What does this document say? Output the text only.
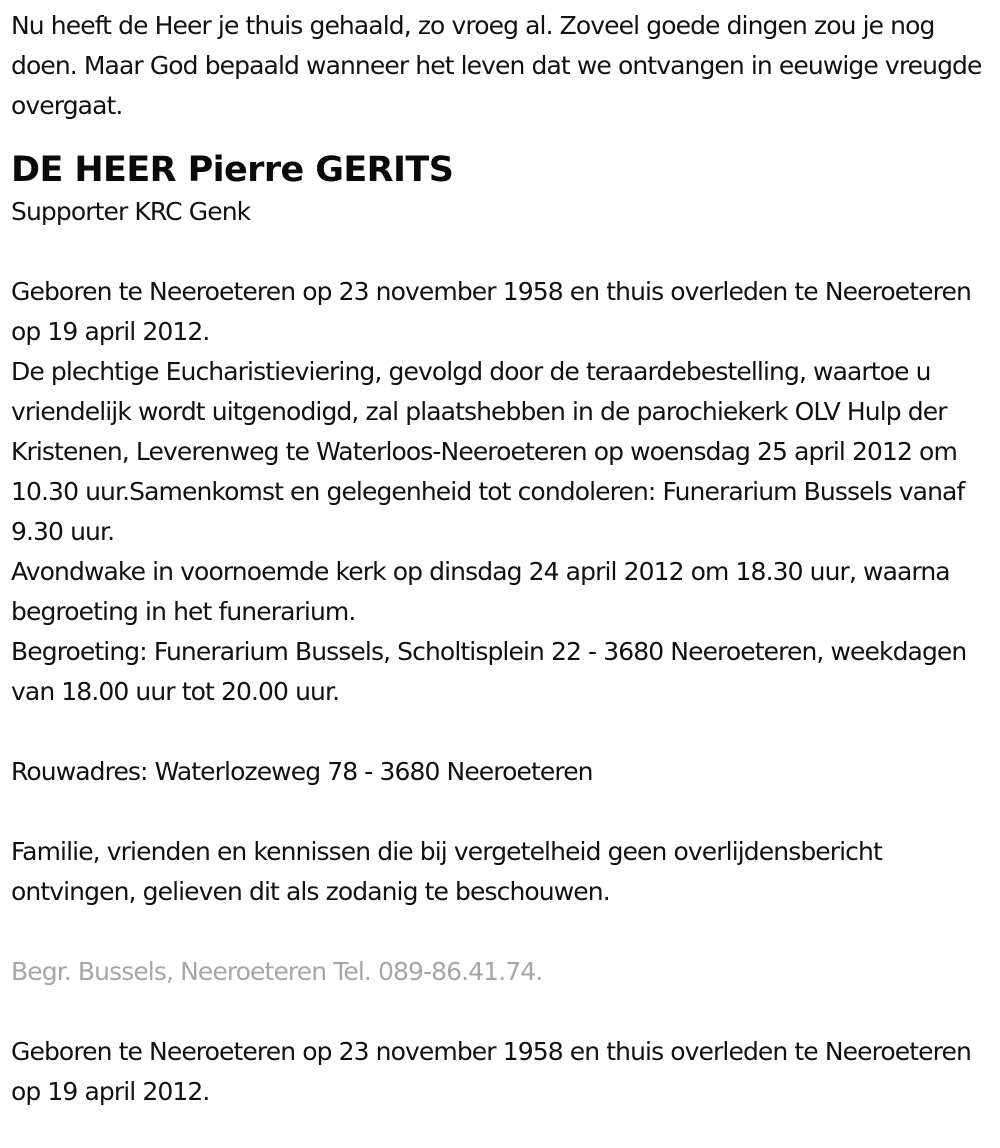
Nu heeft de Heer je thuis gehaald, zo vroeg al. Zoveel goede dingen zou je nog doen. Maar God bepaald wanneer het leven dat we ontvangen in eeuwige vreugde overgaat.

DE HEER Pierre GERITS

Supporter KRC Genk

Geboren te Neeroeteren op 23 november 1958 en thuis overleden te Neeroeteren op 19 april 2012.

De plechtige Eucharistieviering, gevolgd door de teraardebestelling, waartoe u vriendelijk wordt uitgenodigd, zal plaatshebben in de parochiekerk OLV Hulp der Kristenen, Leverenweg te Waterloos-Neeroeteren op woensdag 25 april 2012 om 10.30 uur.Samenkomst en gelegenheid tot condoleren: Funerarium Bussels vanaf 9.30 uur.

Avondwake in voornoemde kerk op dinsdag 24 april 2012 om 18.30 uur, waarna begroeting in het funerarium.

Begroeting: Funerarium Bussels, Scholtisplein 22 - 3680 Neeroeteren, weekdagen van 18.00 uur tot 20.00 uur.

Rouwadres: Waterlozeweg 78 - 3680 Neeroeteren

Familie, vrienden en kennissen die bij vergetelheid geen overlijdensbericht ontvingen, gelieven dit als zodanig te beschouwen.

Begr. Bussels, Neeroeteren Tel. 089-86.41.74.

Geboren te Neeroeteren op 23 november 1958 en thuis overleden te Neeroeteren op 19 april 2012.
